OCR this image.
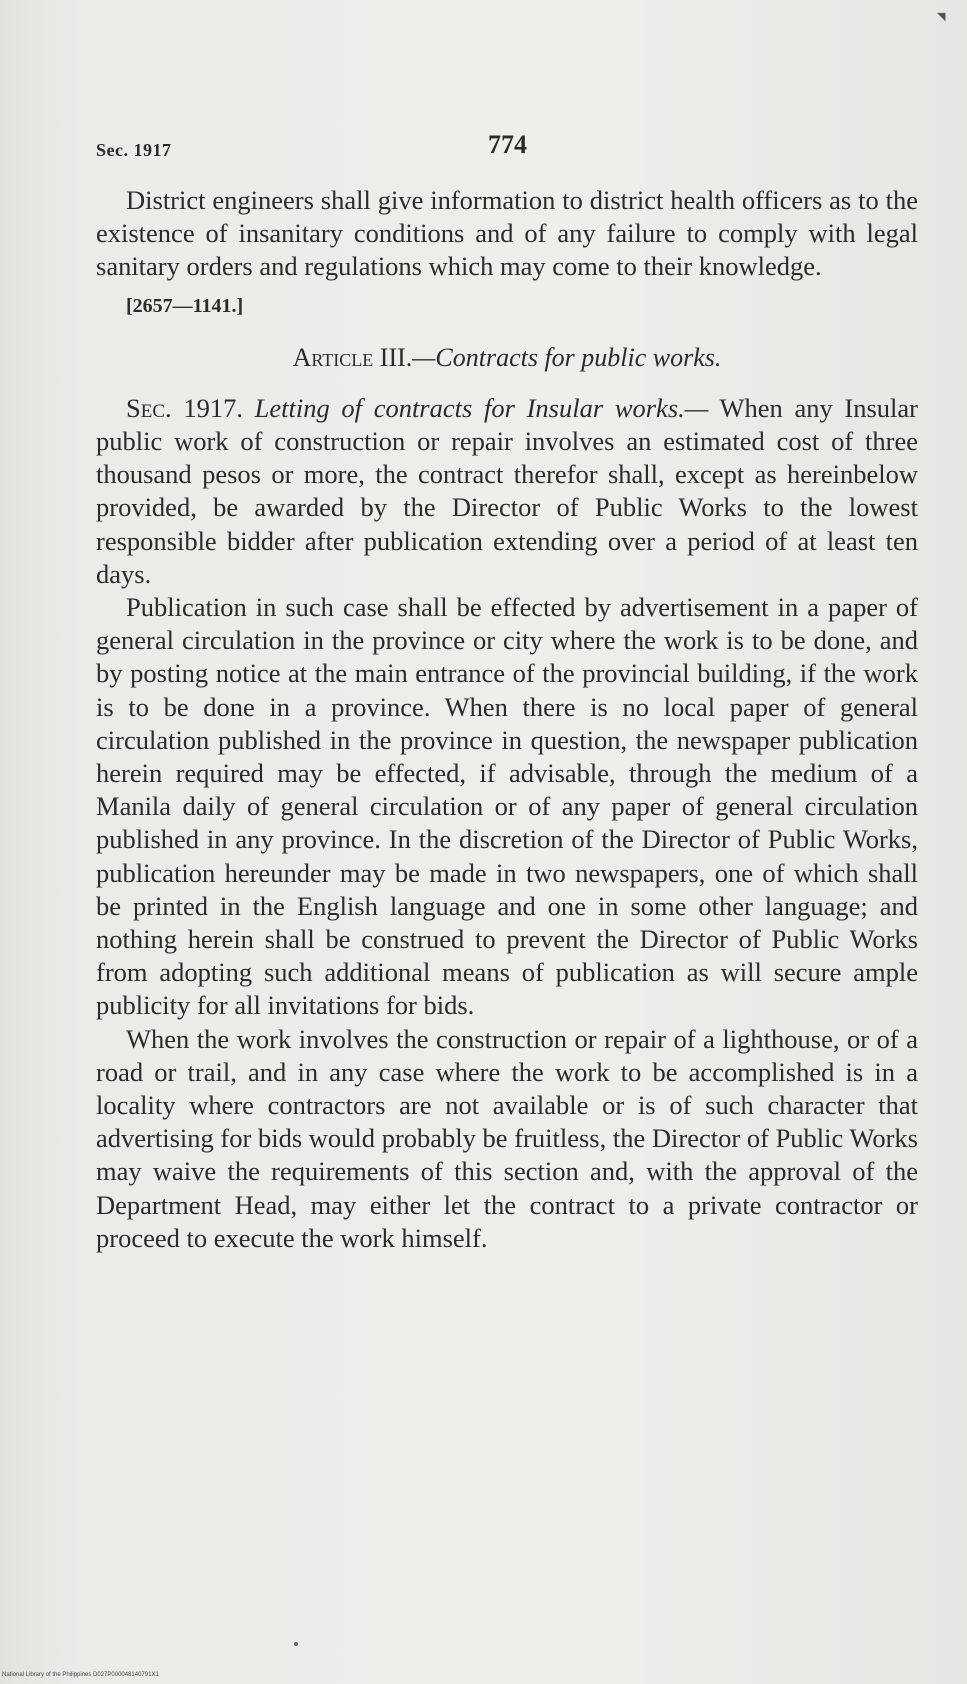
◥
Sec. 1917	774

District engineers shall give information to district health officers as to the existence of insanitary conditions and of any failure to comply with legal sanitary orders and regulations which may come to their knowledge.

[2657—1141.]

Article III.—Contracts for public works.

Sec. 1917. Letting of contracts for Insular works.— When any Insular public work of construction or repair involves an estimated cost of three thousand pesos or more, the contract therefor shall, except as hereinbelow provided, be awarded by the Director of Public Works to the lowest responsible bidder after publication extending over a period of at least ten days.

Publication in such case shall be effected by advertisement in a paper of general circulation in the province or city where the work is to be done, and by posting notice at the main entrance of the provincial building, if the work is to be done in a province. When there is no local paper of general circulation published in the province in question, the newspaper publication herein required may be effected, if advisable, through the medium of a Manila daily of general circulation or of any paper of general circulation published in any province. In the discretion of the Director of Public Works, publication hereunder may be made in two newspapers, one of which shall be printed in the English language and one in some other language; and nothing herein shall be construed to prevent the Director of Public Works from adopting such additional means of publication as will secure ample publicity for all invitations for bids.

When the work involves the construction or repair of a lighthouse, or of a road or trail, and in any case where the work to be accomplished is in a locality where contractors are not available or is of such character that advertising for bids would probably be fruitless, the Director of Public Works may waive the requirements of this section and, with the approval of the Department Head, may either let the contract to a private contractor or proceed to execute the work himself.

National Library of the Philippines D027P000048140791X1
